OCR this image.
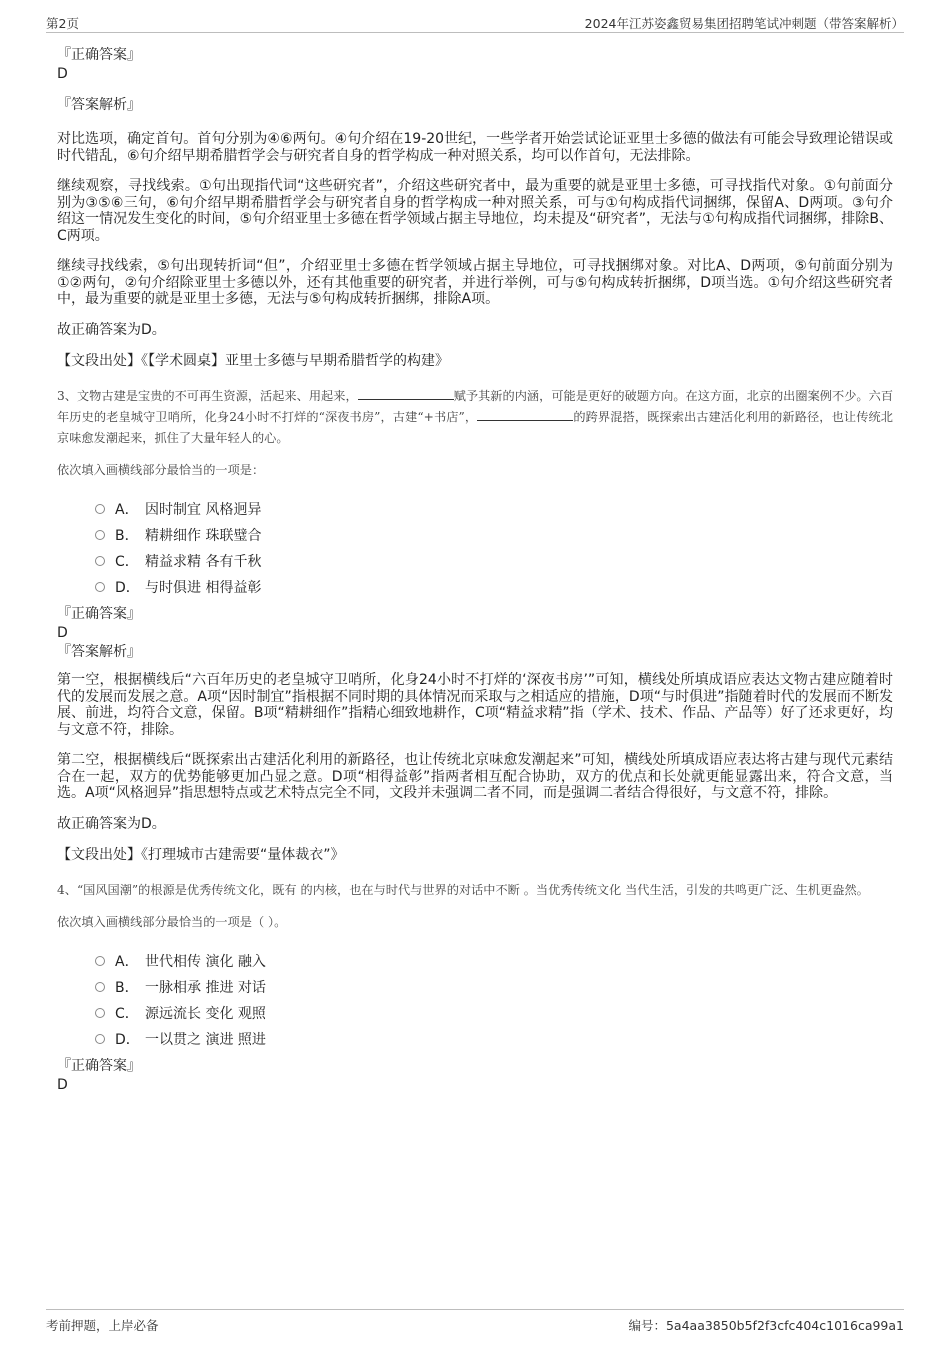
第2页	2024年江苏姿鑫贸易集团招聘笔试冲刺题（带答案解析）
『正确答案』
D
『答案解析』

对比选项，确定首句。首句分别为④⑥两句。④句介绍在19-20世纪，一些学者开始尝试论证亚里士多德的做法有可能会导致理论错误或时代错乱，⑥句介绍早期希腊哲学会与研究者自身的哲学构成一种对照关系，均可以作首句，无法排除。

继续观察，寻找线索。①句出现指代词“这些研究者”，介绍这些研究者中，最为重要的就是亚里士多德，可寻找指代对象。①句前面分别为③⑤⑥三句，⑥句介绍早期希腊哲学会与研究者自身的哲学构成一种对照关系，可与①句构成指代词捆绑，保留A、D两项。③句介绍这一情况发生变化的时间，⑤句介绍亚里士多德在哲学领域占据主导地位，均未提及“研究者”，无法与①句构成指代词捆绑，排除B、C两项。

继续寻找线索，⑤句出现转折词“但”，介绍亚里士多德在哲学领域占据主导地位，可寻找捆绑对象。对比A、D两项，⑤句前面分别为①②两句，②句介绍除亚里士多德以外，还有其他重要的研究者，并进行举例，可与⑤句构成转折捆绑，D项当选。①句介绍这些研究者中，最为重要的就是亚里士多德，无法与⑤句构成转折捆绑，排除A项。

故正确答案为D。

【文段出处】《【学术圆桌】亚里士多德与早期希腊哲学的构建》
3、文物古建是宝贵的不可再生资源，活起来、用起来，	赋予其新的内涵，可能是更好的破题方向。在这方面，北京的出圈案例不少。六百年历史的老皇城守卫哨所，化身24小时不打烊的“深夜书房”，古建“+书店”，	的跨界混搭，既探索出古建活化利用的新路径，也让传统北京味愈发潮起来，抓住了大量年轻人的心。
依次填入画横线部分最恰当的一项是：
A． 因时制宜 风格迥异
B． 精耕细作 珠联璧合
C． 精益求精 各有千秋
D． 与时俱进 相得益彰
『正确答案』
D
『答案解析』

第一空，根据横线后“六百年历史的老皇城守卫哨所，化身24小时不打烊的‘深夜书房’”可知，横线处所填成语应表达文物古建应随着时代的发展而发展之意。A项“因时制宜”指根据不同时期的具体情况而采取与之相适应的措施，D项“与时俱进”指随着时代的发展而不断发展、前进，均符合文意，保留。B项“精耕细作”指精心细致地耕作，C项“精益求精”指（学术、技术、作品、产品等）好了还求更好，均与文意不符，排除。

第二空，根据横线后“既探索出古建活化利用的新路径，也让传统北京味愈发潮起来”可知，横线处所填成语应表达将古建与现代元素结合在一起，双方的优势能够更加凸显之意。D项“相得益彰”指两者相互配合协助，双方的优点和长处就更能显露出来，符合文意，当选。A项“风格迥异”指思想特点或艺术特点完全不同，文段并未强调二者不同，而是强调二者结合得很好，与文意不符，排除。

故正确答案为D。

【文段出处】《打理城市古建需要“量体裁衣”》
4、“国风国潮”的根源是优秀传统文化，既有 的内核，也在与时代与世界的对话中不断 。当优秀传统文化 当代生活，引发的共鸣更广泛、生机更盎然。
依次填入画横线部分最恰当的一项是（ ）。
A． 世代相传 演化 融入
B． 一脉相承 推进 对话
C． 源远流长 变化 观照
D． 一以贯之 演进 照进
『正确答案』
D
考前押题，上岸必备	编号：5a4aa3850b5f2f3cfc404c1016ca99a1
